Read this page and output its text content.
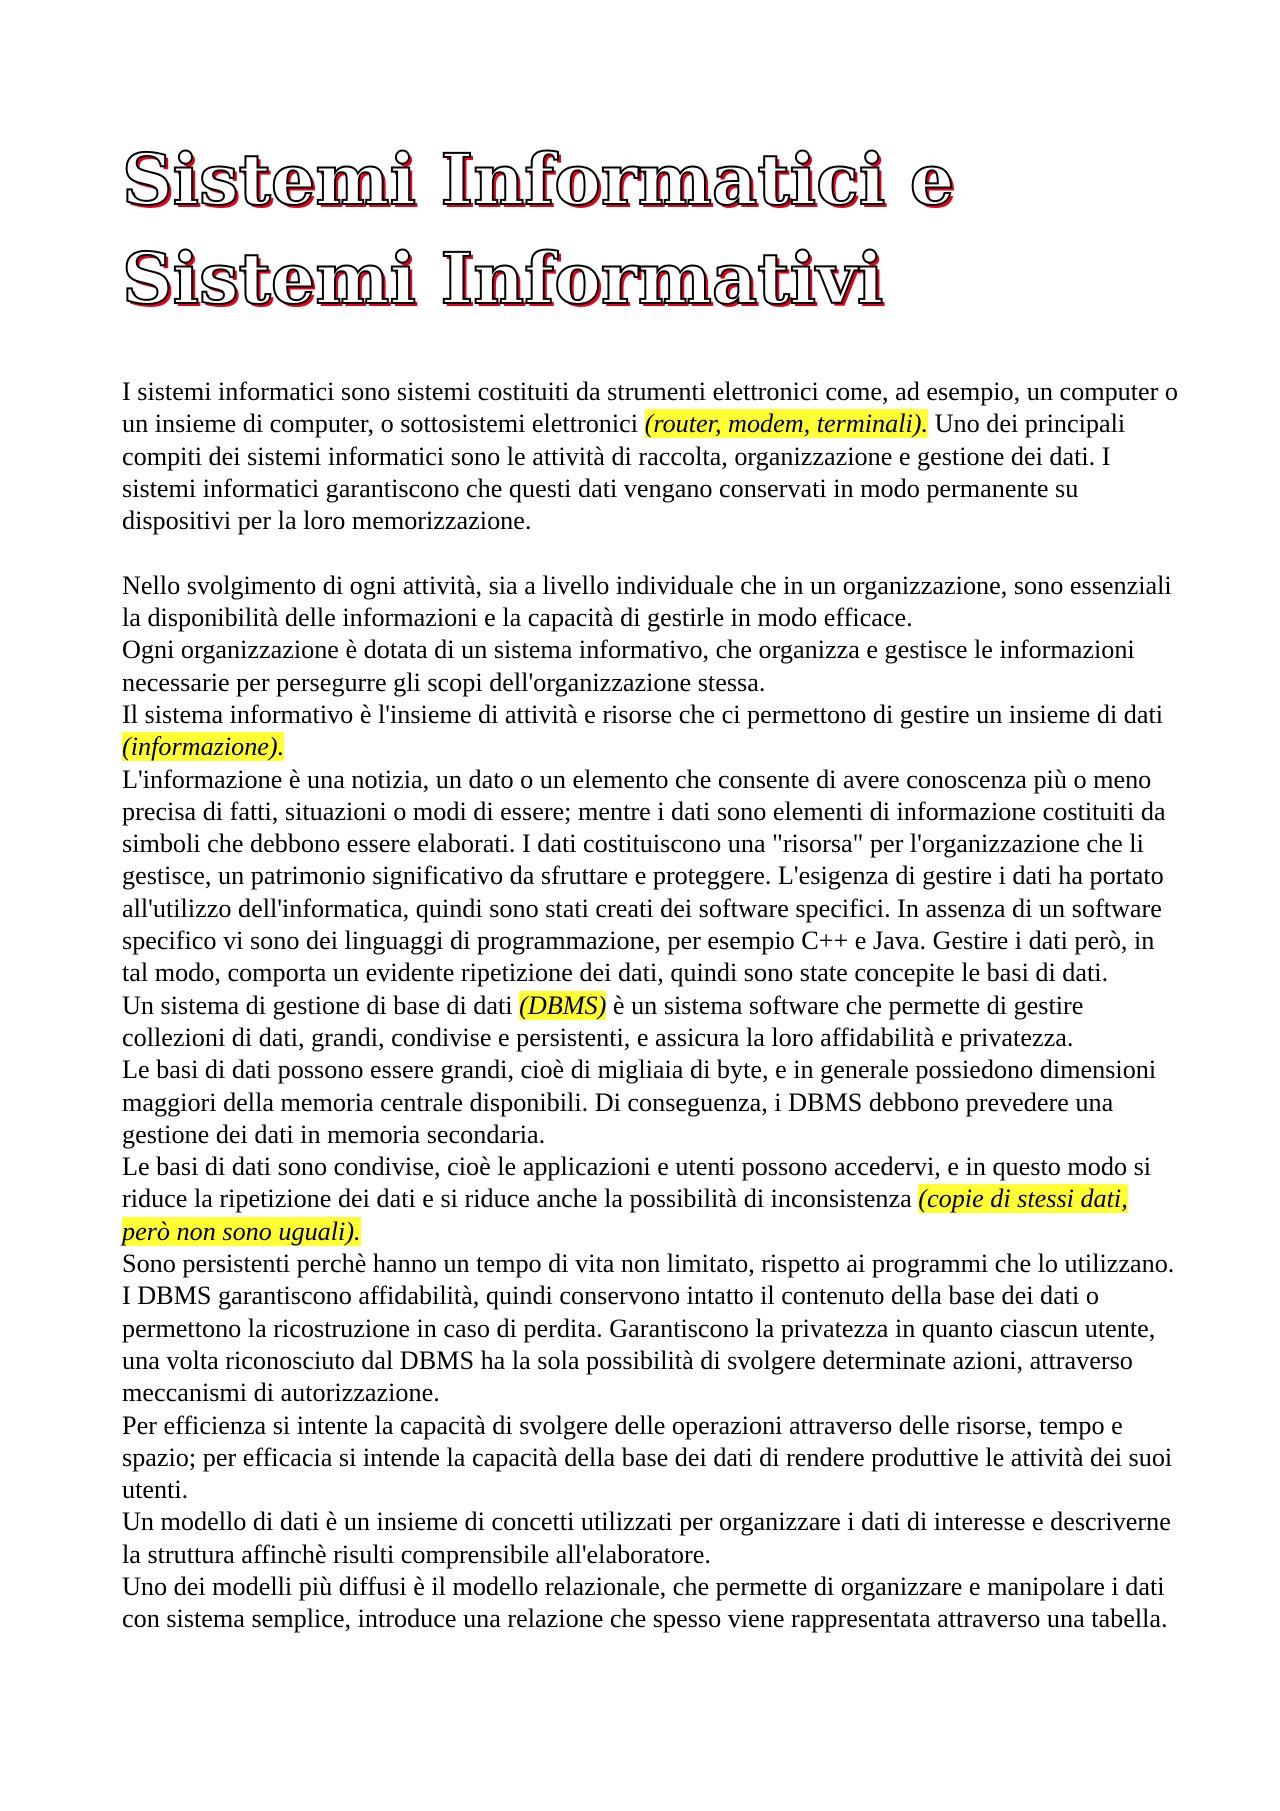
Sistemi Informatici e
Sistemi Informativi

I sistemi informatici sono sistemi costituiti da strumenti elettronici come, ad esempio, un computer o un insieme di computer, o sottosistemi elettronici (router, modem, terminali). Uno dei principali compiti dei sistemi informatici sono le attività di raccolta, organizzazione e gestione dei dati. I sistemi informatici garantiscono che questi dati vengano conservati in modo permanente su dispositivi per la loro memorizzazione.

Nello svolgimento di ogni attività, sia a livello individuale che in un organizzazione, sono essenziali la disponibilità delle informazioni e la capacità di gestirle in modo efficace.

Ogni organizzazione è dotata di un sistema informativo, che organizza e gestisce le informazioni necessarie per persegurre gli scopi dell'organizzazione stessa.

Il sistema informativo è l'insieme di attività e risorse che ci permettono di gestire un insieme di dati (informazione).

L'informazione è una notizia, un dato o un elemento che consente di avere conoscenza più o meno precisa di fatti, situazioni o modi di essere; mentre i dati sono elementi di informazione costituiti da simboli che debbono essere elaborati. I dati costituiscono una "risorsa" per l'organizzazione che li gestisce, un patrimonio significativo da sfruttare e proteggere. L'esigenza di gestire i dati ha portato all'utilizzo dell'informatica, quindi sono stati creati dei software specifici. In assenza di un software specifico vi sono dei linguaggi di programmazione, per esempio C++ e Java. Gestire i dati però, in tal modo, comporta un evidente ripetizione dei dati, quindi sono state concepite le basi di dati.

Un sistema di gestione di base di dati (DBMS) è un sistema software che permette di gestire collezioni di dati, grandi, condivise e persistenti, e assicura la loro affidabilità e privatezza.

Le basi di dati possono essere grandi, cioè di migliaia di byte, e in generale possiedono dimensioni maggiori della memoria centrale disponibili. Di conseguenza, i DBMS debbono prevedere una gestione dei dati in memoria secondaria.

Le basi di dati sono condivise, cioè le applicazioni e utenti possono accedervi, e in questo modo si riduce la ripetizione dei dati e si riduce anche la possibilità di inconsistenza (copie di stessi dati, però non sono uguali).

Sono persistenti perchè hanno un tempo di vita non limitato, rispetto ai programmi che lo utilizzano. I DBMS garantiscono affidabilità, quindi conservono intatto il contenuto della base dei dati o permettono la ricostruzione in caso di perdita. Garantiscono la privatezza in quanto ciascun utente, una volta riconosciuto dal DBMS ha la sola possibilità di svolgere determinate azioni, attraverso meccanismi di autorizzazione.

Per efficienza si intente la capacità di svolgere delle operazioni attraverso delle risorse, tempo e spazio; per efficacia si intende la capacità della base dei dati di rendere produttive le attività dei suoi utenti.

Un modello di dati è un insieme di concetti utilizzati per organizzare i dati di interesse e descriverne la struttura affinchè risulti comprensibile all'elaboratore.

Uno dei modelli più diffusi è il modello relazionale, che permette di organizzare e manipolare i dati con sistema semplice, introduce una relazione che spesso viene rappresentata attraverso una tabella.
